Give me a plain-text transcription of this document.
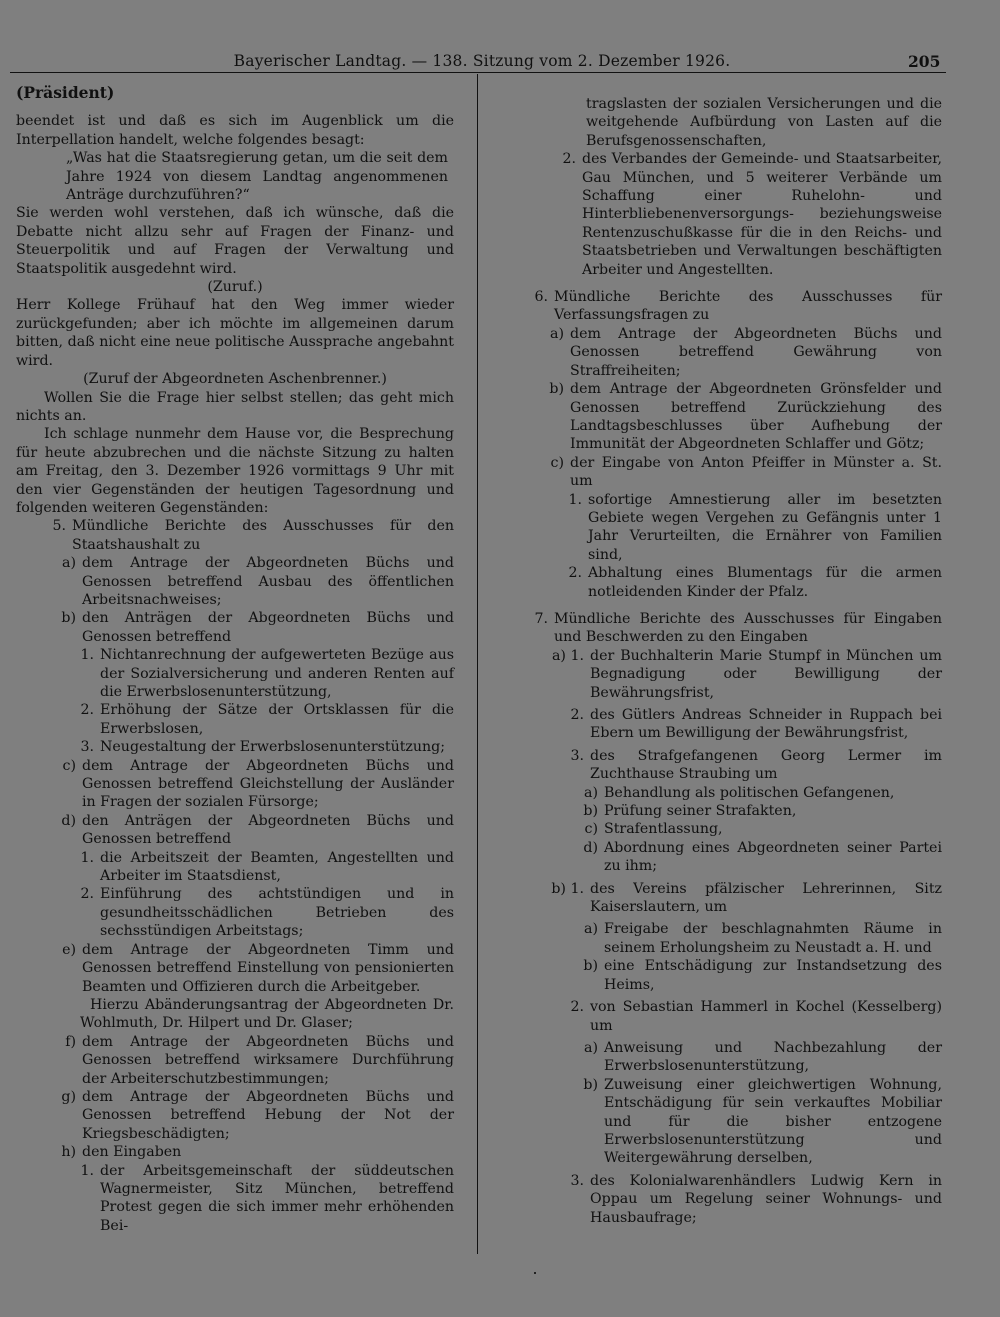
Bayerischer Landtag. — 138. Sitzung vom 2. Dezember 1926.	205

(Präsident)

beendet ist und daß es sich im Augenblick um die Interpellation handelt, welche folgendes besagt:

„Was hat die Staatsregierung getan, um die seit dem Jahre 1924 von diesem Landtag angenommenen Anträge durchzuführen?“

Sie werden wohl verstehen, daß ich wünsche, daß die Debatte nicht allzu sehr auf Fragen der Finanz- und Steuerpolitik und auf Fragen der Verwaltung und Staatspolitik ausgedehnt wird.

(Zuruf.)

Herr Kollege Frühauf hat den Weg immer wieder zurückgefunden; aber ich möchte im allgemeinen darum bitten, daß nicht eine neue politische Aussprache angebahnt wird.

(Zuruf der Abgeordneten Aschenbrenner.)

Wollen Sie die Frage hier selbst stellen; das geht mich nichts an.

Ich schlage nunmehr dem Hause vor, die Besprechung für heute abzubrechen und die nächste Sitzung zu halten am Freitag, den 3. Dezember 1926 vormittags 9 Uhr mit den vier Gegenständen der heutigen Tagesordnung und folgenden weiteren Gegenständen:

5. Mündliche Berichte des Ausschusses für den Staatshaushalt zu
a) dem Antrage der Abgeordneten Büchs und Genossen betreffend Ausbau des öffentlichen Arbeitsnachweises;
b) den Anträgen der Abgeordneten Büchs und Genossen betreffend
1. Nichtanrechnung der aufgewerteten Bezüge aus der Sozialversicherung und anderen Renten auf die Erwerbslosenunterstützung,
2. Erhöhung der Sätze der Ortsklassen für die Erwerbslosen,
3. Neugestaltung der Erwerbslosenunterstützung;
c) dem Antrage der Abgeordneten Büchs und Genossen betreffend Gleichstellung der Ausländer in Fragen der sozialen Fürsorge;
d) den Anträgen der Abgeordneten Büchs und Genossen betreffend
1. die Arbeitszeit der Beamten, Angestellten und Arbeiter im Staatsdienst,
2. Einführung des achtstündigen und in gesundheitsschädlichen Betrieben des sechsstündigen Arbeitstags;
e) dem Antrage der Abgeordneten Timm und Genossen betreffend Einstellung von pensionierten Beamten und Offizieren durch die Arbeitgeber.

Hierzu Abänderungsantrag der Abgeordneten Dr. Wohlmuth, Dr. Hilpert und Dr. Glaser;

f) dem Antrage der Abgeordneten Büchs und Genossen betreffend wirksamere Durchführung der Arbeiterschutzbestimmungen;
g) dem Antrage der Abgeordneten Büchs und Genossen betreffend Hebung der Not der Kriegsbeschädigten;
h) den Eingaben
1. der Arbeitsgemeinschaft der süddeutschen Wagnermeister, Sitz München, betreffend Protest gegen die sich immer mehr erhöhenden Bei-

tragslasten der sozialen Versicherungen und die weitgehende Aufbürdung von Lasten auf die Berufsgenossenschaften,

2. des Verbandes der Gemeinde- und Staatsarbeiter, Gau München, und 5 weiterer Verbände um Schaffung einer Ruhelohn- und Hinterbliebenenversorgungs- beziehungsweise Rentenzuschußkasse für die in den Reichs- und Staatsbetrieben und Verwaltungen beschäftigten Arbeiter und Angestellten.
6. Mündliche Berichte des Ausschusses für Verfassungsfragen zu
a) dem Antrage der Abgeordneten Büchs und Genossen betreffend Gewährung von Straffreiheiten;
b) dem Antrage der Abgeordneten Grönsfelder und Genossen betreffend Zurückziehung des Landtagsbeschlusses über Aufhebung der Immunität der Abgeordneten Schlaffer und Götz;
c) der Eingabe von Anton Pfeiffer in Münster a. St. um
1. sofortige Amnestierung aller im besetzten Gebiete wegen Vergehen zu Gefängnis unter 1 Jahr Verurteilten, die Ernährer von Familien sind,
2. Abhaltung eines Blumentags für die armen notleidenden Kinder der Pfalz.
7. Mündliche Berichte des Ausschusses für Eingaben und Beschwerden zu den Eingaben
a) 1. der Buchhalterin Marie Stumpf in München um Begnadigung oder Bewilligung der Bewährungsfrist,
2. des Gütlers Andreas Schneider in Ruppach bei Ebern um Bewilligung der Bewährungsfrist,
3. des Strafgefangenen Georg Lermer im Zuchthause Straubing um
a) Behandlung als politischen Gefangenen,
b) Prüfung seiner Strafakten,
c) Strafentlassung,
d) Abordnung eines Abgeordneten seiner Partei zu ihm;
b) 1. des Vereins pfälzischer Lehrerinnen, Sitz Kaiserslautern, um
a) Freigabe der beschlagnahmten Räume in seinem Erholungsheim zu Neustadt a. H. und
b) eine Entschädigung zur Instandsetzung des Heims,
2. von Sebastian Hammerl in Kochel (Kesselberg) um
a) Anweisung und Nachbezahlung der Erwerbslosenunterstützung,
b) Zuweisung einer gleichwertigen Wohnung, Entschädigung für sein verkauftes Mobiliar und für die bisher entzogene Erwerbslosenunterstützung und Weitergewährung derselben,
3. des Kolonialwarenhändlers Ludwig Kern in Oppau um Regelung seiner Wohnungs- und Hausbaufrage;
